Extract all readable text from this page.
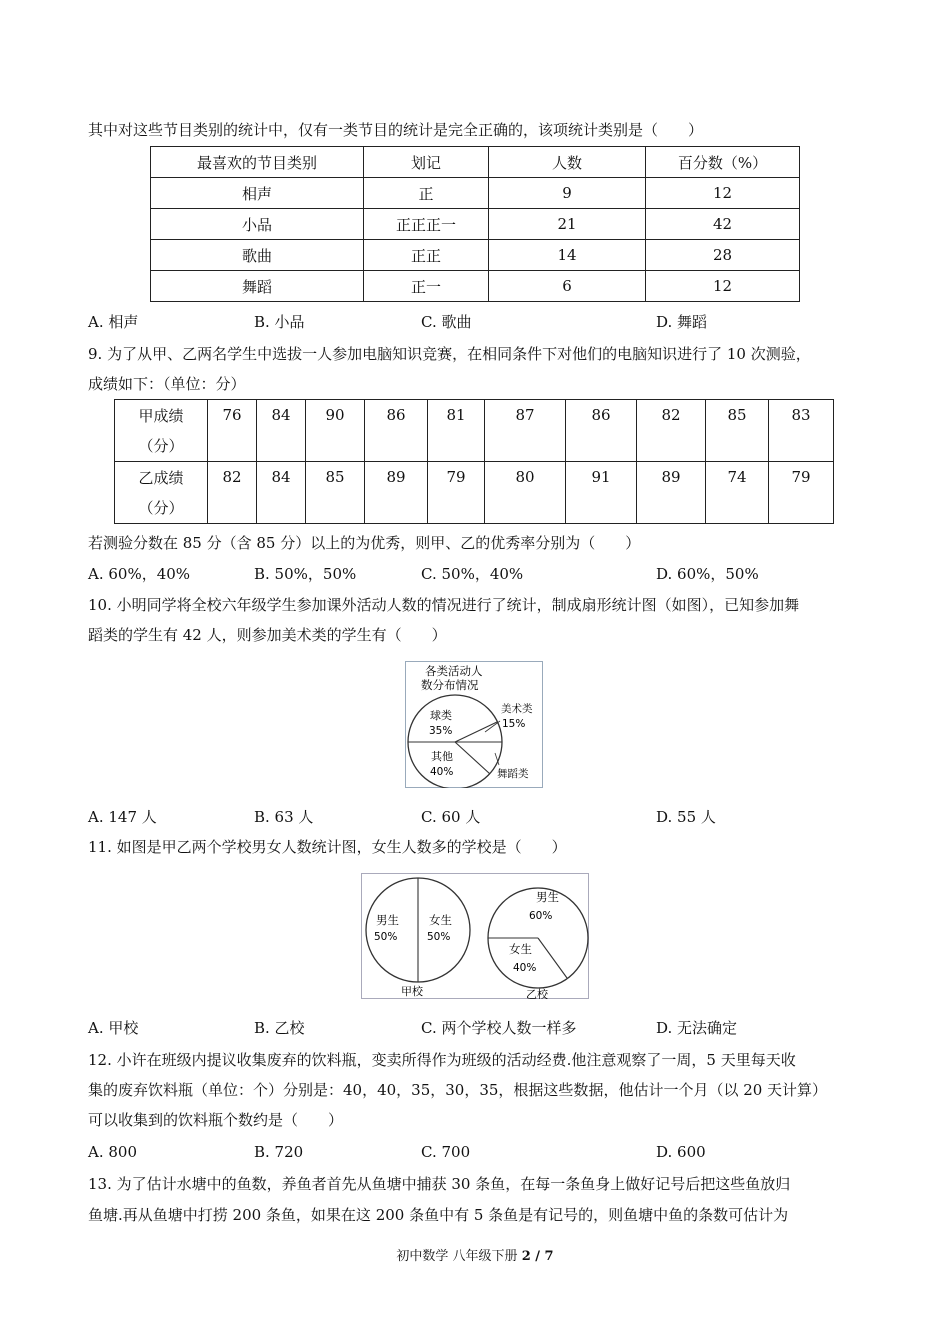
其中对这些节目类别的统计中，仅有一类节目的统计是完全正确的，该项统计类别是（　　）
最喜欢的节目类别	划记	人数	百分数（%）
相声	正	9	12
小品	正正正一	21	42
歌曲	正正	14	28
舞蹈	正一	6	12
A. 相声	B. 小品	C. 歌曲	D. 舞蹈
9. 为了从甲、乙两名学生中选拔一人参加电脑知识竞赛，在相同条件下对他们的电脑知识进行了 10 次测验，
成绩如下：（单位：分）
甲成绩
（分）	76	84	90	86	81	87	86	82	85	83
乙成绩
（分）	82	84	85	89	79	80	91	89	74	79
若测验分数在 85 分（含 85 分）以上的为优秀，则甲、乙的优秀率分别为（　　）
A. 60%，40%	B. 50%，50%	C. 50%，40%	D. 60%，50%
10. 小明同学将全校六年级学生参加课外活动人数的情况进行了统计，制成扇形统计图（如图），已知参加舞
蹈类的学生有 42 人，则参加美术类的学生有（　　）
各类活动人
数分布情况
球类
35%
其他
40%
美术类
15%
舞蹈类
A. 147 人	B. 63 人	C. 60 人	D. 55 人
11. 如图是甲乙两个学校男女人数统计图，女生人数多的学校是（　　）
男生
50%
女生
50%
甲校
男生
60%
女生
40%
乙校
A. 甲校	B. 乙校	C. 两个学校人数一样多	D. 无法确定
12. 小许在班级内提议收集废弃的饮料瓶，变卖所得作为班级的活动经费.他注意观察了一周，5 天里每天收
集的废弃饮料瓶（单位：个）分别是：40，40，35，30，35，根据这些数据，他估计一个月（以 20 天计算）
可以收集到的饮料瓶个数约是（　　）
A. 800	B. 720	C. 700	D. 600
13. 为了估计水塘中的鱼数，养鱼者首先从鱼塘中捕获 30 条鱼，在每一条鱼身上做好记号后把这些鱼放归
鱼塘.再从鱼塘中打捞 200 条鱼，如果在这 200 条鱼中有 5 条鱼是有记号的，则鱼塘中鱼的条数可估计为
初中数学 八年级下册 2 / 7
